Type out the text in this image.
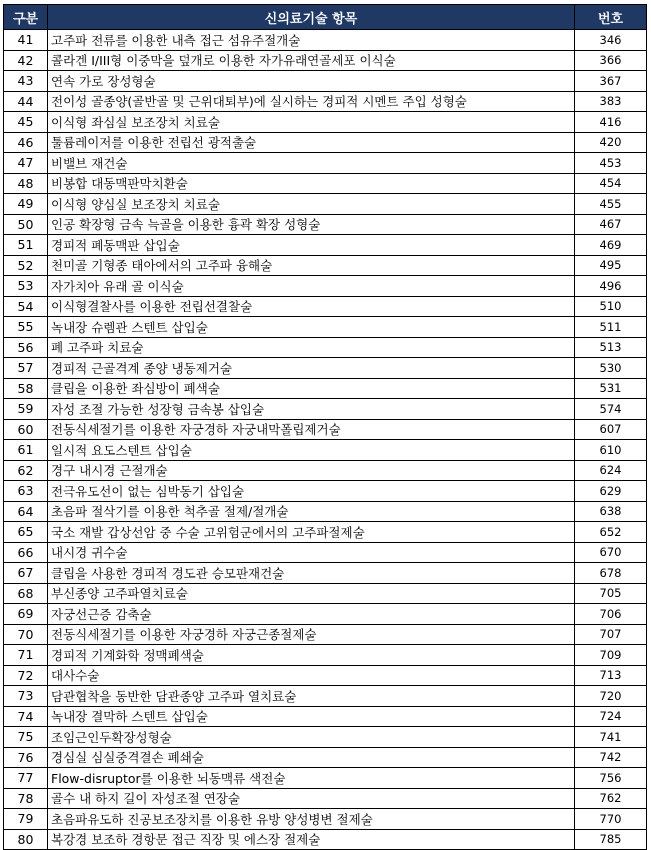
구분	신의료기술 항목	번호
41	고주파 전류를 이용한 내측 접근 섬유주절개술	346
42	콜라겐 I/III형 이중막을 덮개로 이용한 자가유래연골세포 이식술	366
43	연속 가로 장성형술	367
44	전이성 골종양(골반골 및 근위대퇴부)에 실시하는 경피적 시멘트 주입 성형술	383
45	이식형 좌심실 보조장치 치료술	416
46	툴륨레이저를 이용한 전립선 광적출술	420
47	비밸브 재건술	453
48	비봉합 대동맥판막치환술	454
49	이식형 양심실 보조장치 치료술	455
50	인공 확장형 금속 늑골을 이용한 흉곽 확장 성형술	467
51	경피적 폐동맥판 삽입술	469
52	천미골 기형종 태아에서의 고주파 융해술	495
53	자가치아 유래 골 이식술	496
54	이식형결찰사를 이용한 전립선결찰술	510
55	녹내장 슈렘관 스텐트 삽입술	511
56	폐 고주파 치료술	513
57	경피적 근골격계 종양 냉동제거술	530
58	클립을 이용한 좌심방이 폐색술	531
59	자성 조절 가능한 성장형 금속봉 삽입술	574
60	전동식세절기를 이용한 자궁경하 자궁내막폴립제거술	607
61	일시적 요도스텐트 삽입술	610
62	경구 내시경 근절개술	624
63	전극유도선이 없는 심박동기 삽입술	629
64	초음파 절삭기를 이용한 척추골 절제/절개술	638
65	국소 재발 갑상선암 중 수술 고위험군에서의 고주파절제술	652
66	내시경 귀수술	670
67	클립을 사용한 경피적 경도관 승모판재건술	678
68	부신종양 고주파열치료술	705
69	자궁선근증 감축술	706
70	전동식세절기를 이용한 자궁경하 자궁근종절제술	707
71	경피적 기계화학 정맥폐색술	709
72	대사수술	713
73	담관협착을 동반한 담관종양 고주파 열치료술	720
74	녹내장 결막하 스텐트 삽입술	724
75	조임근인두확장성형술	741
76	경심실 심실중격결손 폐쇄술	742
77	Flow-disruptor를 이용한 뇌동맥류 색전술	756
78	골수 내 하지 길이 자성조절 연장술	762
79	초음파유도하 진공보조장치를 이용한 유방 양성병변 절제술	770
80	복강경 보조하 경항문 접근 직장 및 에스장 절제술	785
